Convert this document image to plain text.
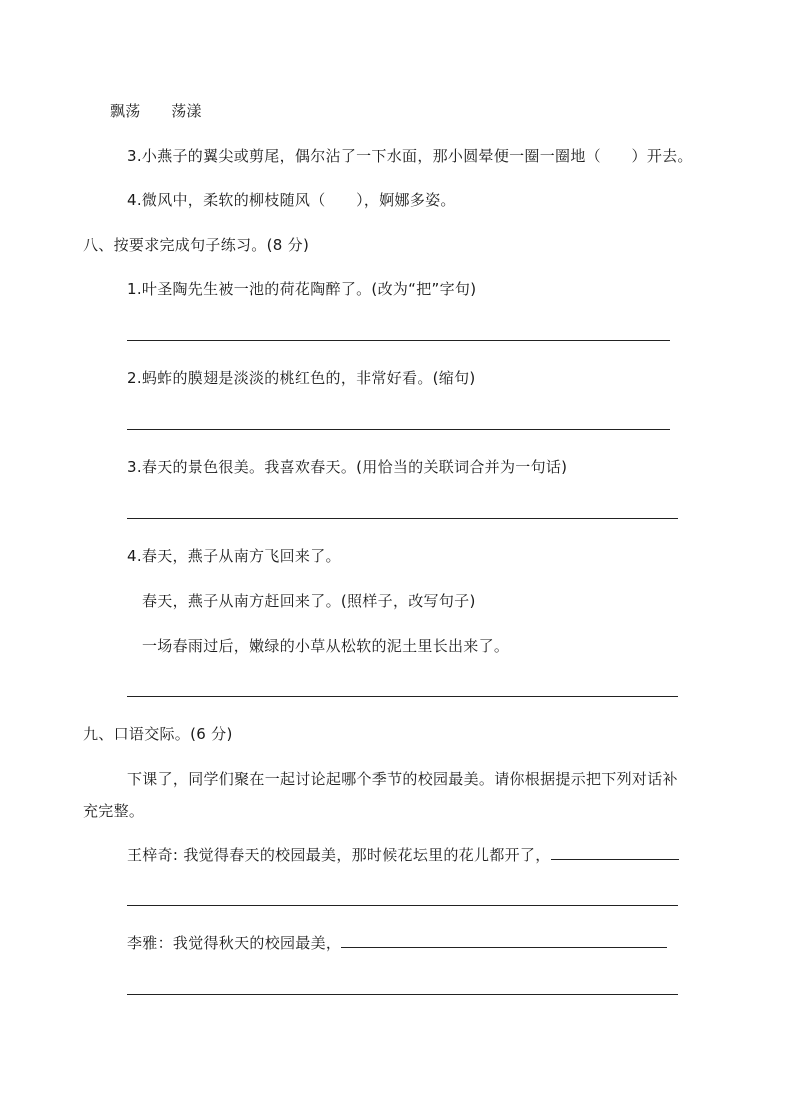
飘荡　　荡漾
3.小燕子的翼尖或剪尾，偶尔沾了一下水面，那小圆晕便一圈一圈地（　　）开去。
4.微风中，柔软的柳枝随风（　　），婀娜多姿。
八、按要求完成句子练习。(8 分)
1.叶圣陶先生被一池的荷花陶醉了。(改为“把”字句)
2.蚂蚱的膜翅是淡淡的桃红色的，非常好看。(缩句)
3.春天的景色很美。我喜欢春天。(用恰当的关联词合并为一句话)
4.春天，燕子从南方飞回来了。
春天，燕子从南方赶回来了。(照样子，改写句子)
一场春雨过后，嫩绿的小草从松软的泥土里长出来了。
九、口语交际。(6 分)
下课了，同学们聚在一起讨论起哪个季节的校园最美。请你根据提示把下列对话补
充完整。
王梓奇: 我觉得春天的校园最美，那时候花坛里的花儿都开了，
李雅：我觉得秋天的校园最美，
